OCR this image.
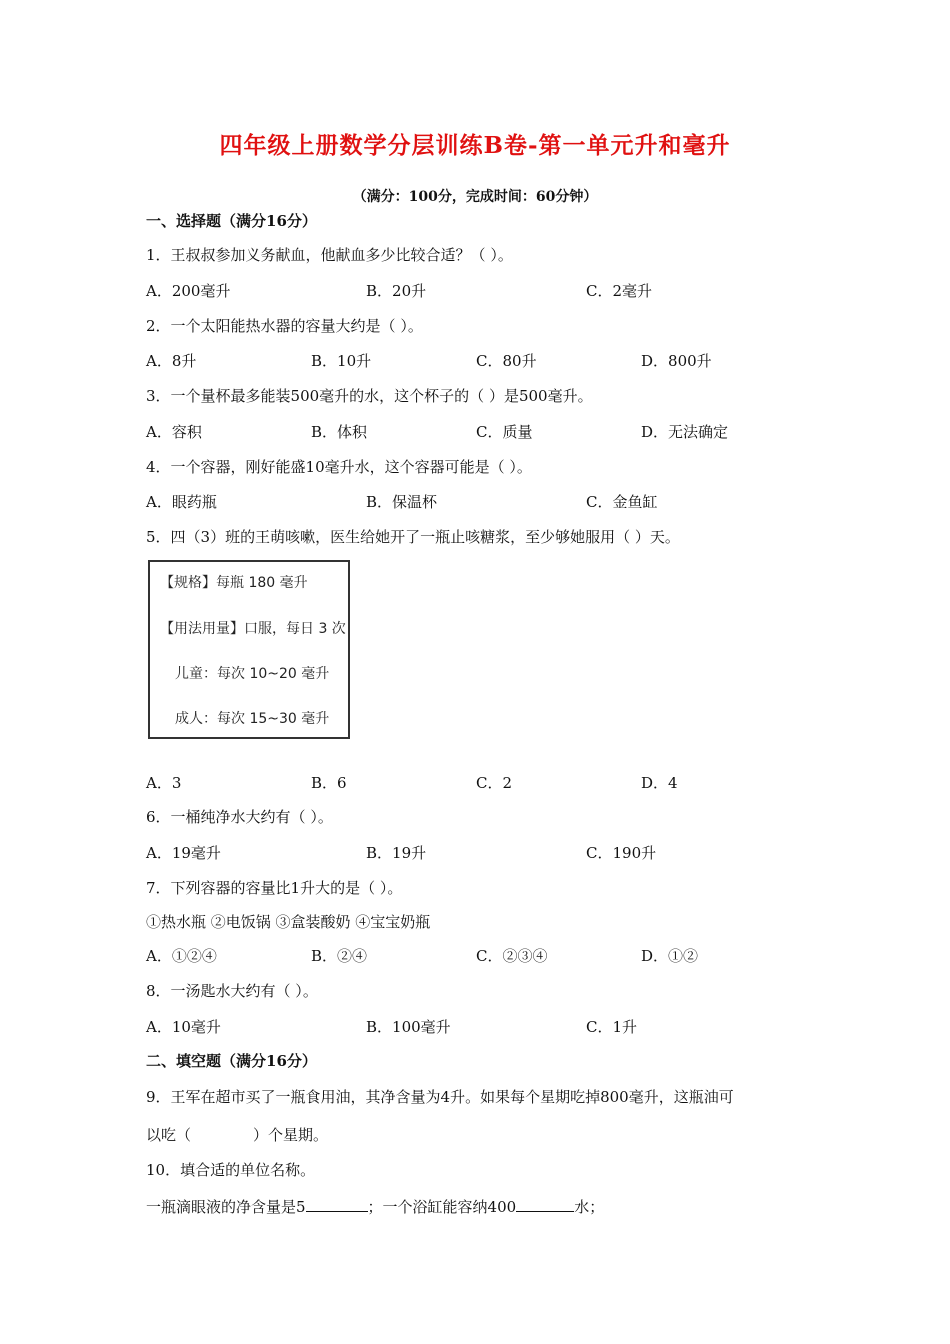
四年级上册数学分层训练B卷-第一单元升和毫升
（满分：100分，完成时间：60分钟）
一、选择题（满分16分）
1．王叔叔参加义务献血，他献血多少比较合适？（ ）。
A．200毫升	B．20升	C．2毫升
2．一个太阳能热水器的容量大约是（ ）。
A．8升	B．10升	C．80升	D．800升
3．一个量杯最多能装500毫升的水，这个杯子的（ ）是500毫升。
A．容积	B．体积	C．质量	D．无法确定
4．一个容器，刚好能盛10毫升水，这个容器可能是（ ）。
A．眼药瓶	B．保温杯	C．金鱼缸
5．四（3）班的王萌咳嗽，医生给她开了一瓶止咳糖浆，至少够她服用（ ）天。
【规格】每瓶 180 毫升
【用法用量】口服，每日 3 次
儿童：每次 10~20 毫升
成人：每次 15~30 毫升
A．3	B．6	C．2	D．4
6．一桶纯净水大约有（ ）。
A．19毫升	B．19升	C．190升
7．下列容器的容量比1升大的是（ ）。
①热水瓶 ②电饭锅 ③盒装酸奶 ④宝宝奶瓶
A．①②④	B．②④	C．②③④	D．①②
8．一汤匙水大约有（ ）。
A．10毫升	B．100毫升	C．1升
二、填空题（满分16分）
9．王军在超市买了一瓶食用油，其净含量为4升。如果每个星期吃掉800毫升，这瓶油可
以吃（	）个星期。
10．填合适的单位名称。
一瓶滴眼液的净含量是5	；一个浴缸能容纳400	水；
